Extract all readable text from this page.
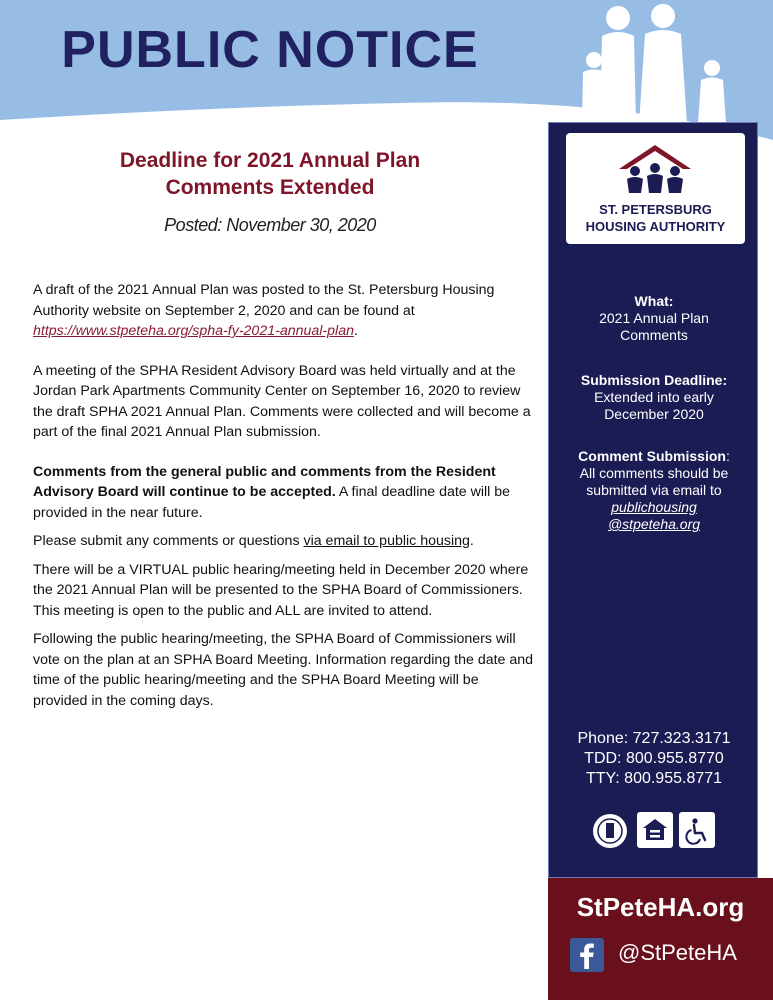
PUBLIC NOTICE
ST. PETERSBURG
HOUSING AUTHORITY
What:
2021 Annual Plan
Comments
Submission Deadline:
Extended into early
December 2020
Comment Submission:
All comments should be
submitted via email to
publichousing
@stpeteha.org
Phone: 727.323.3171
TDD: 800.955.8770
TTY: 800.955.8771
StPeteHA.org
@StPeteHA
Deadline for 2021 Annual Plan
Comments Extended
Posted: November 30, 2020

A draft of the 2021 Annual Plan was posted to the St. Petersburg Housing Authority website on September 2, 2020 and can be found at https://www.stpeteha.org/spha-fy-2021-annual-plan.

A meeting of the SPHA Resident Advisory Board was held virtually and at the Jordan Park Apartments Community Center on September 16, 2020 to review the draft SPHA 2021 Annual Plan. Comments were collected and will become a part of the final 2021 Annual Plan submission.

Comments from the general public and comments from the Resident Advisory Board will continue to be accepted. A final deadline date will be provided in the near future.

Please submit any comments or questions via email to public housing.

There will be a VIRTUAL public hearing/meeting held in December 2020 where the 2021 Annual Plan will be presented to the SPHA Board of Commissioners. This meeting is open to the public and ALL are invited to attend.

Following the public hearing/meeting, the SPHA Board of Commissioners will vote on the plan at an SPHA Board Meeting. Information regarding the date and time of the public hearing/meeting and the SPHA Board Meeting will be provided in the coming days.
